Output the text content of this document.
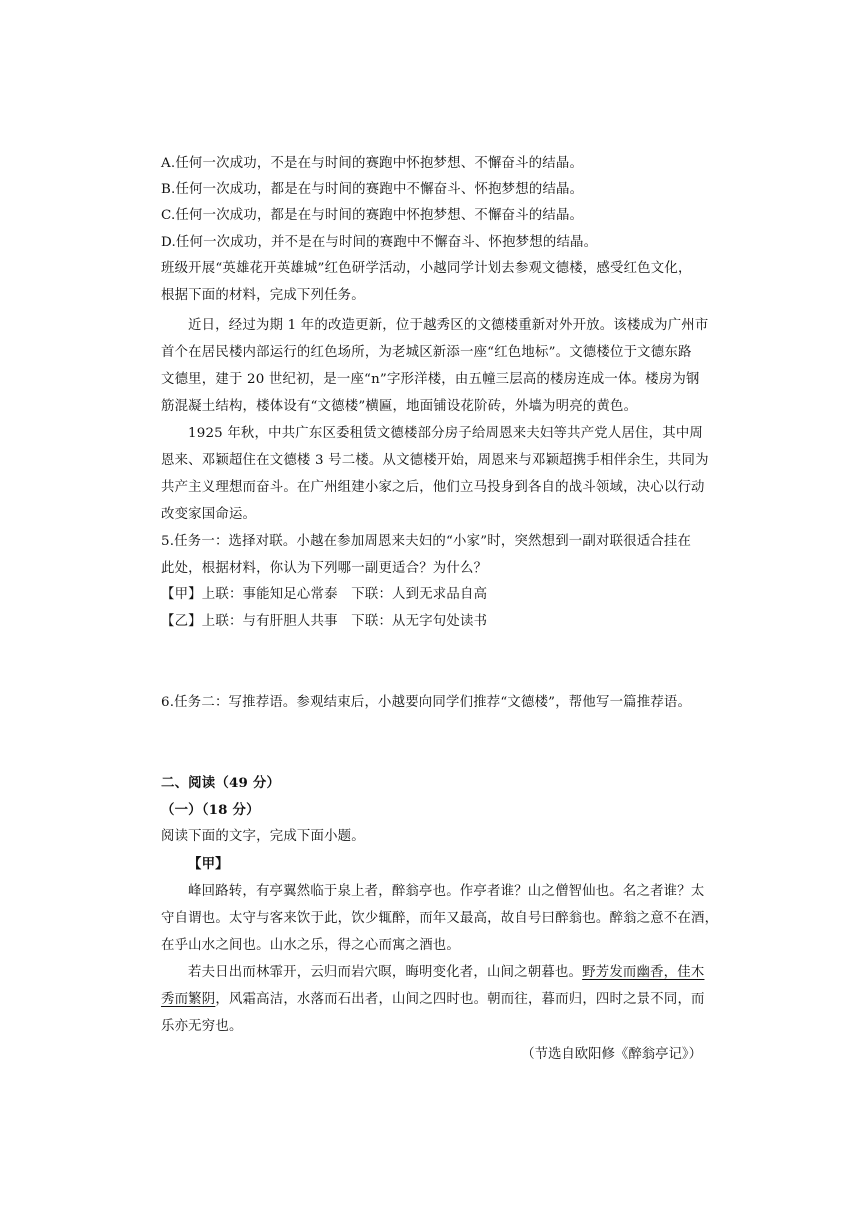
A.任何一次成功，不是在与时间的赛跑中怀抱梦想、不懈奋斗的结晶。
B.任何一次成功，都是在与时间的赛跑中不懈奋斗、怀抱梦想的结晶。
C.任何一次成功，都是在与时间的赛跑中怀抱梦想、不懈奋斗的结晶。
D.任何一次成功，并不是在与时间的赛跑中不懈奋斗、怀抱梦想的结晶。
班级开展“英雄花开英雄城”红色研学活动，小越同学计划去参观文德楼，感受红色文化，
根据下面的材料，完成下列任务。
近日，经过为期 1 年的改造更新，位于越秀区的文德楼重新对外开放。该楼成为广州市
首个在居民楼内部运行的红色场所，为老城区新添一座“红色地标”。文德楼位于文德东路
文德里，建于 20 世纪初，是一座“n”字形洋楼，由五幢三层高的楼房连成一体。楼房为钢
筋混凝土结构，楼体设有“文德楼”横匾，地面铺设花阶砖，外墙为明亮的黄色。
1925 年秋，中共广东区委租赁文德楼部分房子给周恩来夫妇等共产党人居住，其中周
恩来、邓颖超住在文德楼 3 号二楼。从文德楼开始，周恩来与邓颖超携手相伴余生，共同为
共产主义理想而奋斗。在广州组建小家之后，他们立马投身到各自的战斗领域，决心以行动
改变家国命运。
5.任务一：选择对联。小越在参加周恩来夫妇的“小家”时，突然想到一副对联很适合挂在
此处，根据材料，你认为下列哪一副更适合？为什么？
【甲】上联：事能知足心常泰　下联：人到无求品自高
【乙】上联：与有肝胆人共事　下联：从无字句处读书
6.任务二：写推荐语。参观结束后，小越要向同学们推荐“文德楼”，帮他写一篇推荐语。
二、阅读（49 分）
（一）（18 分）
阅读下面的文字，完成下面小题。
【甲】
峰回路转，有亭翼然临于泉上者，醉翁亭也。作亭者谁？山之僧智仙也。名之者谁？太
守自谓也。太守与客来饮于此，饮少辄醉，而年又最高，故自号曰醉翁也。醉翁之意不在酒，
在乎山水之间也。山水之乐，得之心而寓之酒也。
若夫日出而林霏开，云归而岩穴暝，晦明变化者，山间之朝暮也。野芳发而幽香，佳木
秀而繁阴，风霜高洁，水落而石出者，山间之四时也。朝而往，暮而归，四时之景不同，而
乐亦无穷也。
（节选自欧阳修《醉翁亭记》）
